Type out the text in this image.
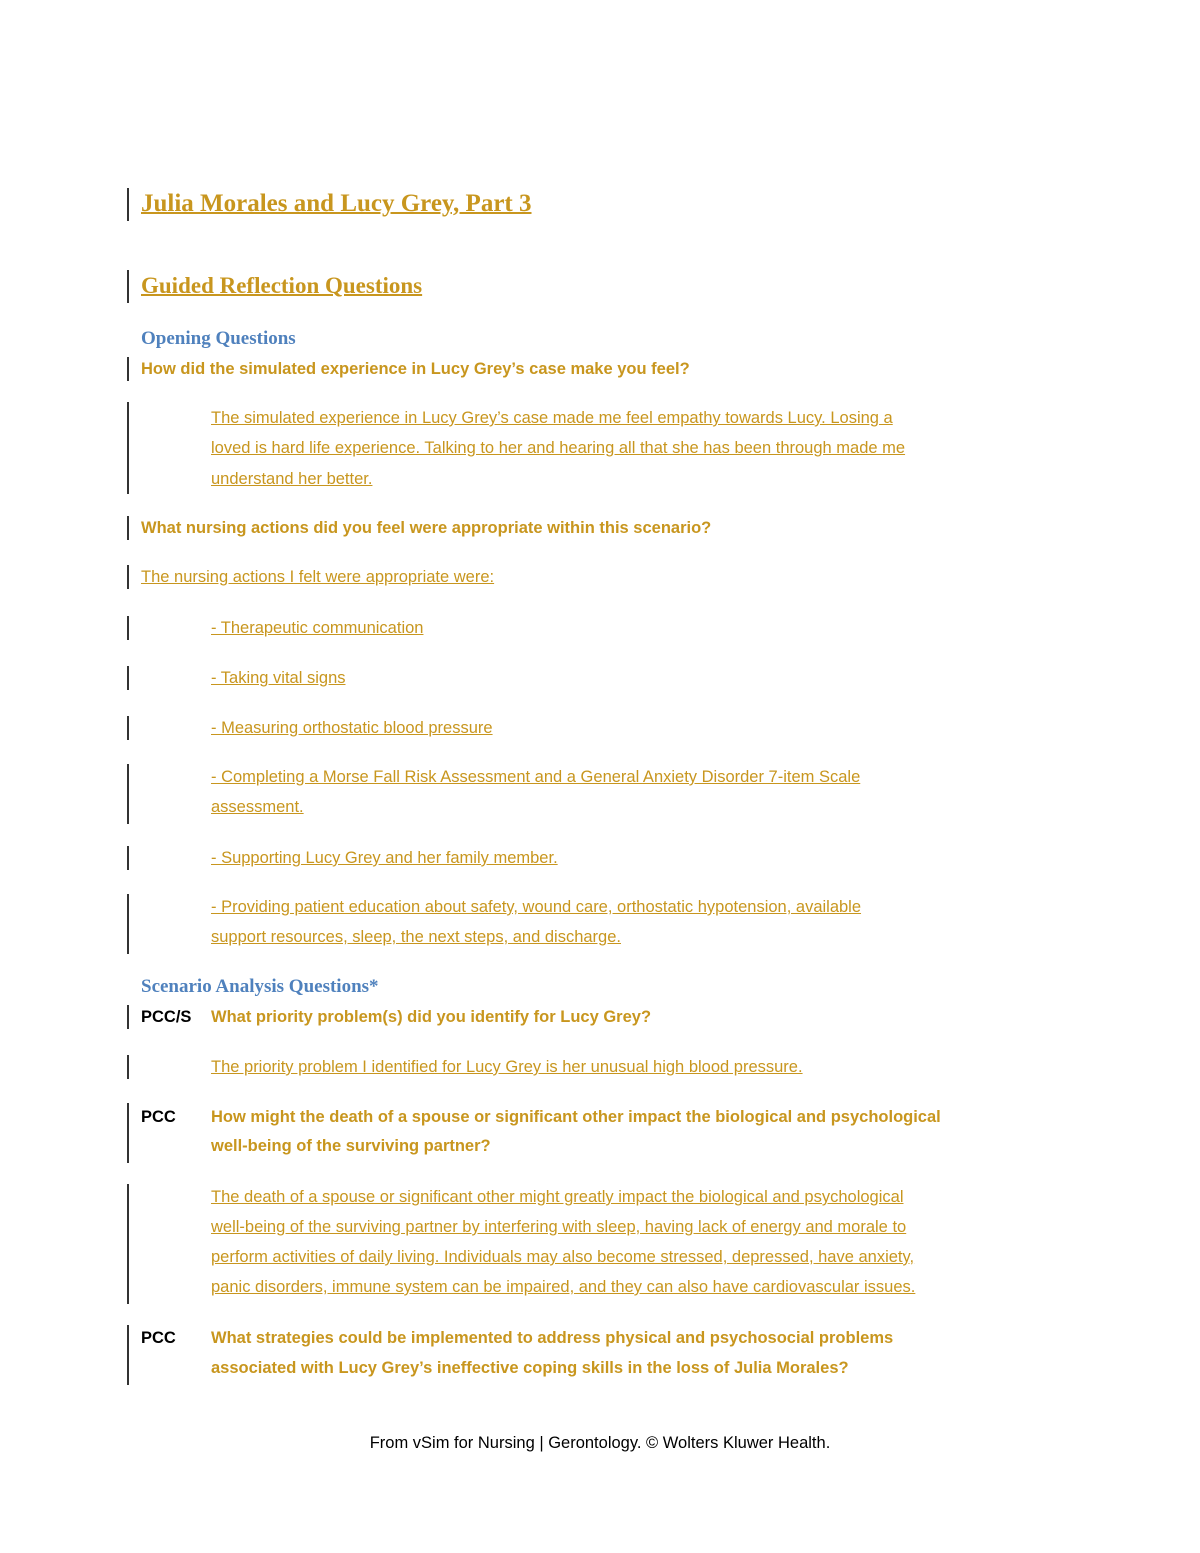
Julia Morales and Lucy Grey, Part 3
Guided Reflection Questions
Opening Questions
How did the simulated experience in Lucy Grey’s case make you feel?
The simulated experience in Lucy Grey’s case made me feel empathy towards Lucy. Losing a
loved is hard life experience. Talking to her and hearing all that she has been through made me
understand her better.
What nursing actions did you feel were appropriate within this scenario?
The nursing actions I felt were appropriate were:
- Therapeutic communication
- Taking vital signs
- Measuring orthostatic blood pressure
- Completing a Morse Fall Risk Assessment and a General Anxiety Disorder 7-item Scale
assessment.
- Supporting Lucy Grey and her family member.
- Providing patient education about safety, wound care, orthostatic hypotension, available
support resources, sleep, the next steps, and discharge.
Scenario Analysis Questions*
PCC/S What priority problem(s) did you identify for Lucy Grey?
The priority problem I identified for Lucy Grey is her unusual high blood pressure.
PCC How might the death of a spouse or significant other impact the biological and psychological
well-being of the surviving partner?
The death of a spouse or significant other might greatly impact the biological and psychological
well-being of the surviving partner by interfering with sleep, having lack of energy and morale to
perform activities of daily living. Individuals may also become stressed, depressed, have anxiety,
panic disorders, immune system can be impaired, and they can also have cardiovascular issues.
PCC What strategies could be implemented to address physical and psychosocial problems
associated with Lucy Grey’s ineffective coping skills in the loss of Julia Morales?
From vSim for Nursing | Gerontology. © Wolters Kluwer Health.
